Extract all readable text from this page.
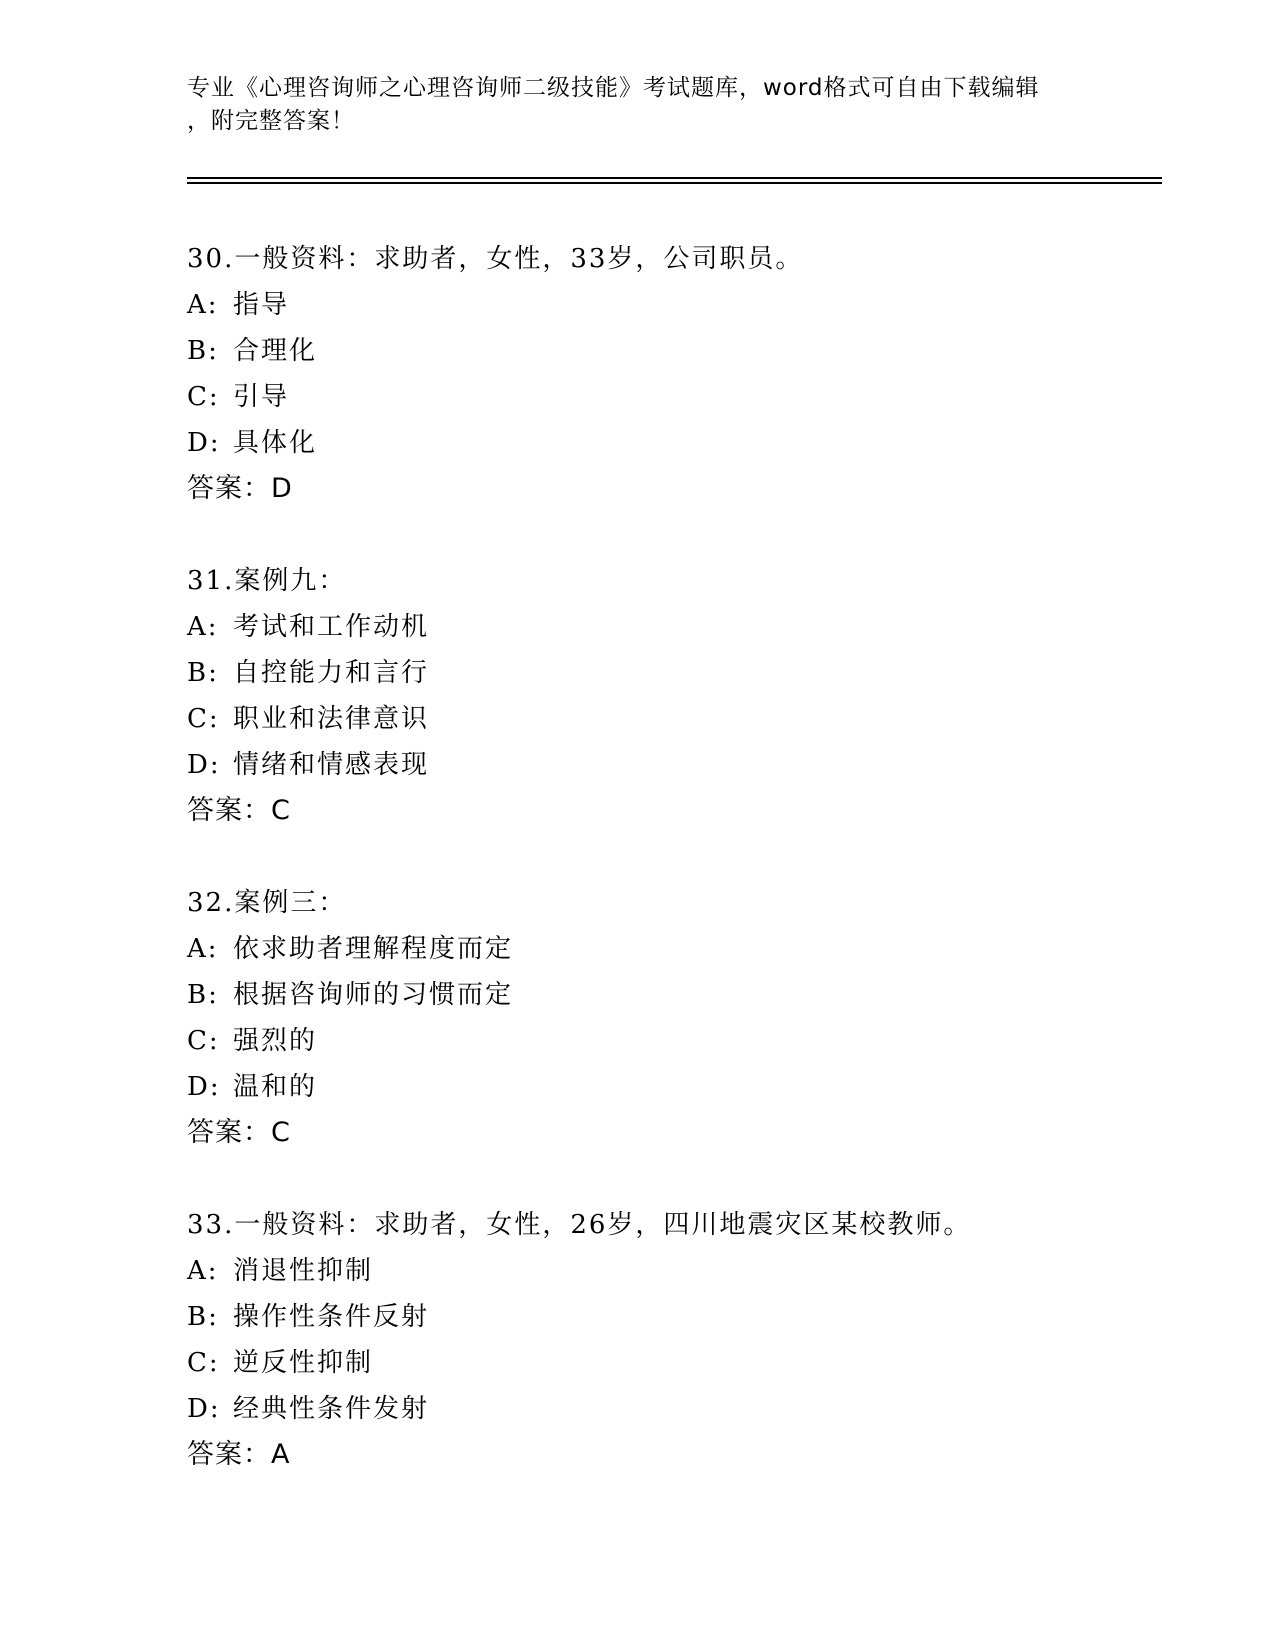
专业《心理咨询师之心理咨询师二级技能》考试题库，word格式可自由下载编辑
，附完整答案！
30.一般资料：求助者，女性，33岁，公司职员。
A: 指导
B: 合理化
C: 引导
D: 具体化
答案：D
31.案例九：
A: 考试和工作动机
B: 自控能力和言行
C: 职业和法律意识
D: 情绪和情感表现
答案：C
32.案例三：
A: 依求助者理解程度而定
B: 根据咨询师的习惯而定
C: 强烈的
D: 温和的
答案：C
33.一般资料：求助者，女性，26岁，四川地震灾区某校教师。
A: 消退性抑制
B: 操作性条件反射
C: 逆反性抑制
D: 经典性条件发射
答案：A
